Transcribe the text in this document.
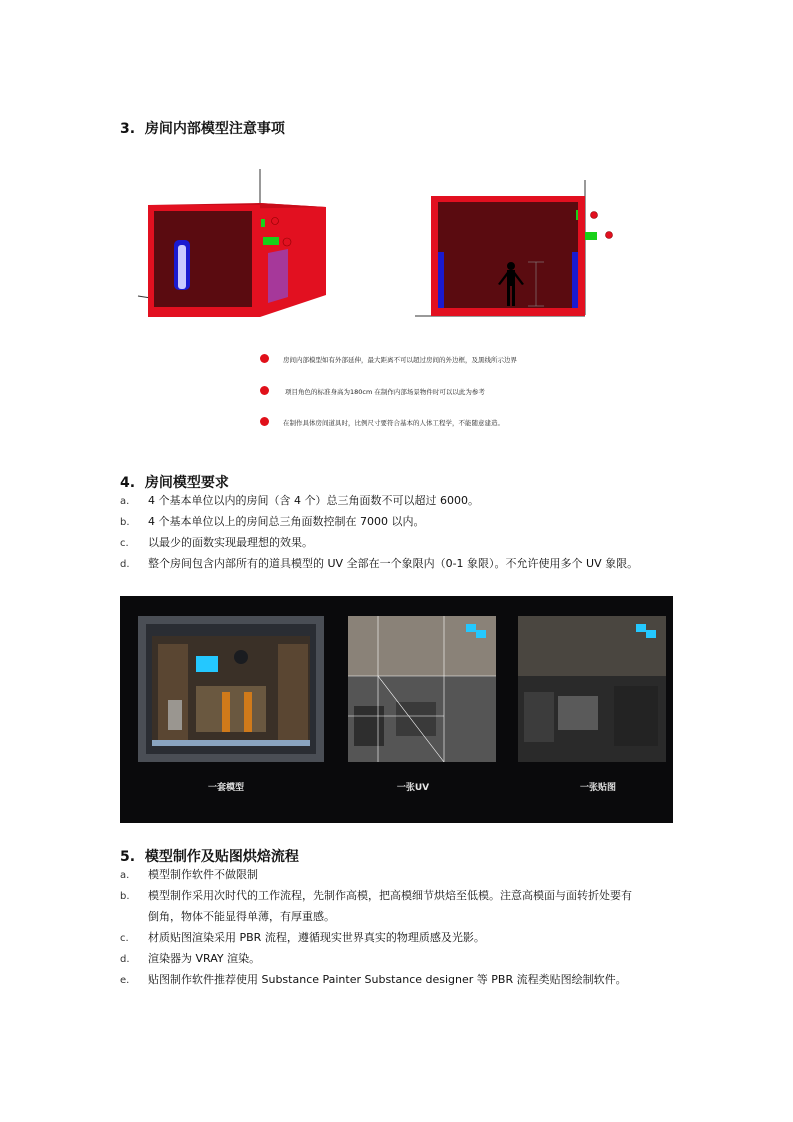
3. 房间内部模型注意事项
房间内部模型如有外部延伸，最大距离不可以超过房间的外边框，及黑线所示边界
项目角色的标准身高为180cm 在制作内部场景物件时可以以此为参考
在制作具体房间道具时，比例尺寸要符合基本的人体工程学，不能随意建造。
4. 房间模型要求
a. 4 个基本单位以内的房间（含 4 个）总三角面数不可以超过 6000。
b. 4 个基本单位以上的房间总三角面数控制在 7000 以内。
c. 以最少的面数实现最理想的效果。
d. 整个房间包含内部所有的道具模型的 UV 全部在一个象限内（0-1 象限）。不允许使用多个 UV 象限。
一套模型	一张UV	一张贴图
5. 模型制作及贴图烘焙流程
a. 模型制作软件不做限制
b. 模型制作采用次时代的工作流程，先制作高模，把高模细节烘焙至低模。注意高模面与面转折处要有
倒角，物体不能显得单薄，有厚重感。
c. 材质贴图渲染采用 PBR 流程，遵循现实世界真实的物理质感及光影。
d. 渲染器为 VRAY 渲染。
e. 贴图制作软件推荐使用 Substance Painter Substance designer 等 PBR 流程类贴图绘制软件。
